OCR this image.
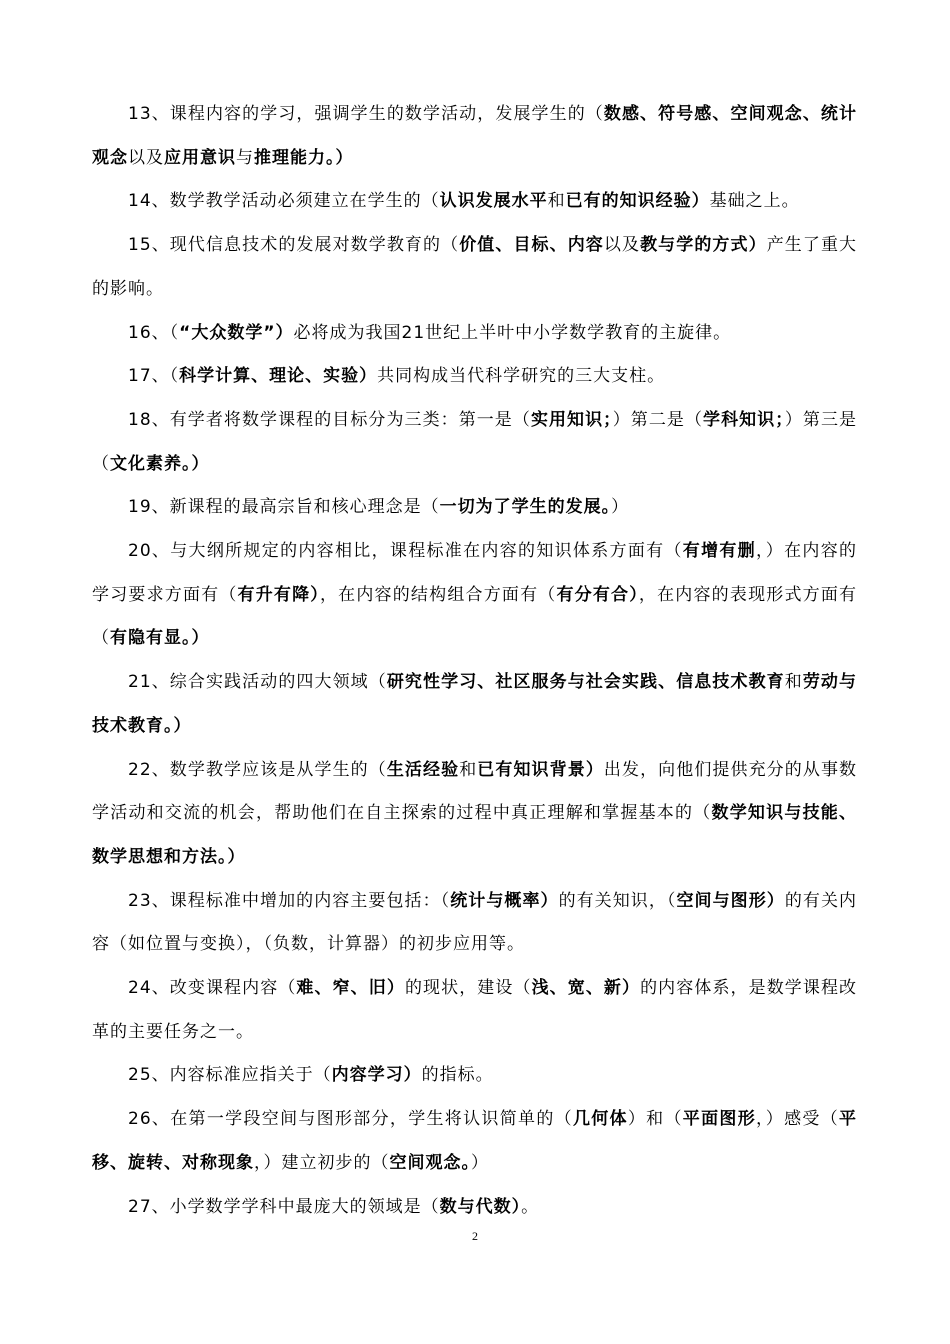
13、课程内容的学习，强调学生的数学活动，发展学生的（数感、符号感、空间观念、统计观念以及应用意识与推理能力。）

14、数学教学活动必须建立在学生的（认识发展水平和已有的知识经验）基础之上。

15、现代信息技术的发展对数学教育的（价值、目标、内容以及教与学的方式）产生了重大的影响。

16、（“大众数学”）必将成为我国21世纪上半叶中小学数学教育的主旋律。

17、（科学计算、理论、实验）共同构成当代科学研究的三大支柱。

18、有学者将数学课程的目标分为三类：第一是（实用知识；）第二是（学科知识；）第三是（文化素养。）

19、新课程的最高宗旨和核心理念是（一切为了学生的发展。）

20、与大纲所规定的内容相比，课程标准在内容的知识体系方面有（有增有删，）在内容的学习要求方面有（有升有降），在内容的结构组合方面有（有分有合），在内容的表现形式方面有（有隐有显。）

21、综合实践活动的四大领域（研究性学习、社区服务与社会实践、信息技术教育和劳动与技术教育。）

22、数学教学应该是从学生的（生活经验和已有知识背景）出发，向他们提供充分的从事数学活动和交流的机会，帮助他们在自主探索的过程中真正理解和掌握基本的（数学知识与技能、数学思想和方法。）

23、课程标准中增加的内容主要包括：（统计与概率）的有关知识，（空间与图形）的有关内容（如位置与变换），（负数，计算器）的初步应用等。

24、改变课程内容（难、窄、旧）的现状，建设（浅、宽、新）的内容体系，是数学课程改革的主要任务之一。

25、内容标准应指关于（内容学习）的指标。

26、在第一学段空间与图形部分，学生将认识简单的（几何体）和（平面图形，）感受（平移、旋转、对称现象，）建立初步的（空间观念。）

27、小学数学学科中最庞大的领域是（数与代数）。

2
